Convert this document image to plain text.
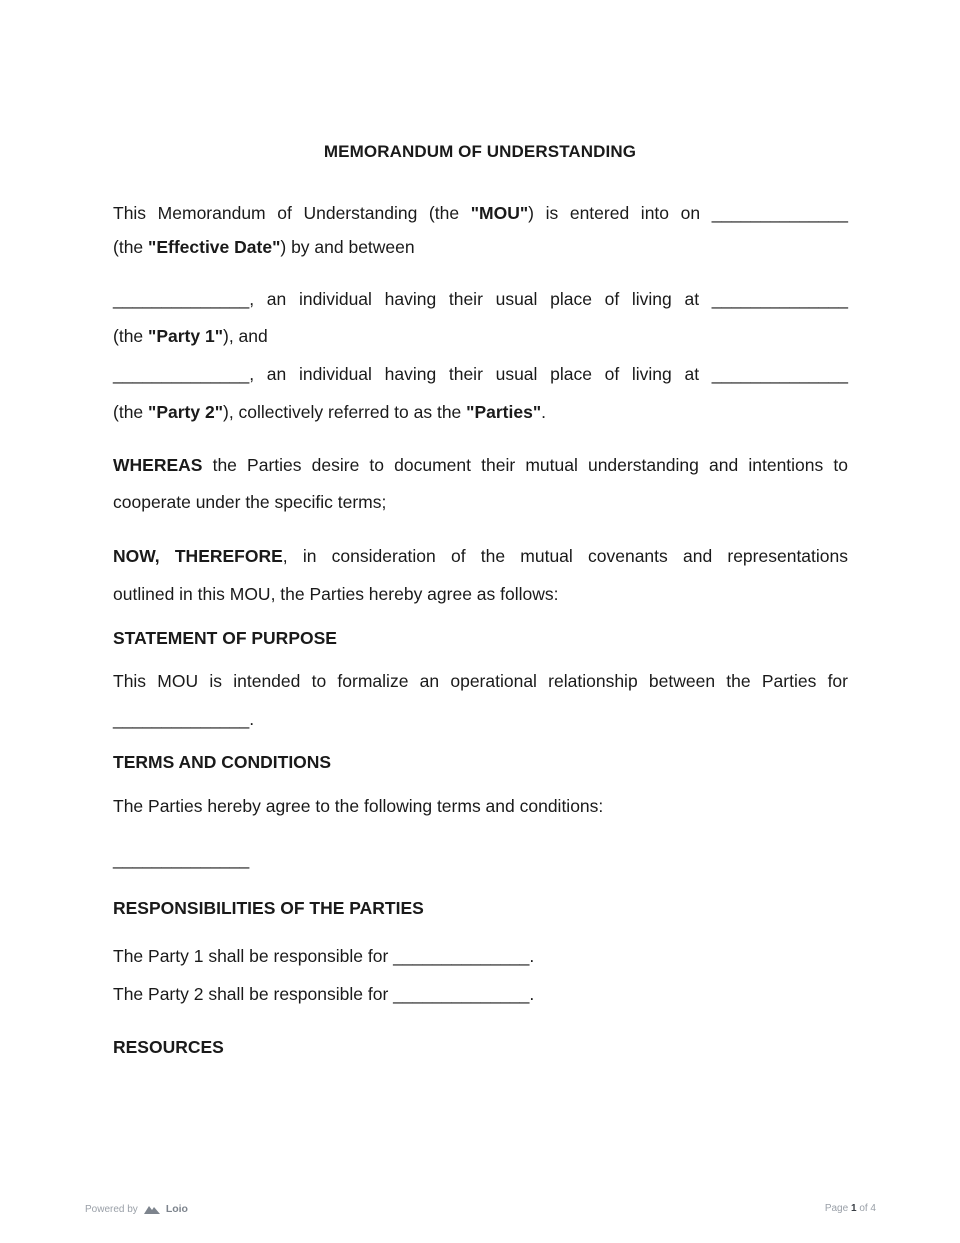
MEMORANDUM OF UNDERSTANDING
This Memorandum of Understanding (the "MOU") is entered into on ______________
(the "Effective Date") by and between
______________, an individual having their usual place of living at ______________
(the "Party 1"), and
______________, an individual having their usual place of living at ______________
(the "Party 2"), collectively referred to as the "Parties".
WHEREAS the Parties desire to document their mutual understanding and intentions to
cooperate under the specific terms;
NOW, THEREFORE, in consideration of the mutual covenants and representations
outlined in this MOU, the Parties hereby agree as follows:
STATEMENT OF PURPOSE
This MOU is intended to formalize an operational relationship between the Parties for
______________.
TERMS AND CONDITIONS
The Parties hereby agree to the following terms and conditions:
______________
RESPONSIBILITIES OF THE PARTIES
The Party 1 shall be responsible for ______________.
The Party 2 shall be responsible for ______________.
RESOURCES
Powered by	Loio	Page 1 of 4
